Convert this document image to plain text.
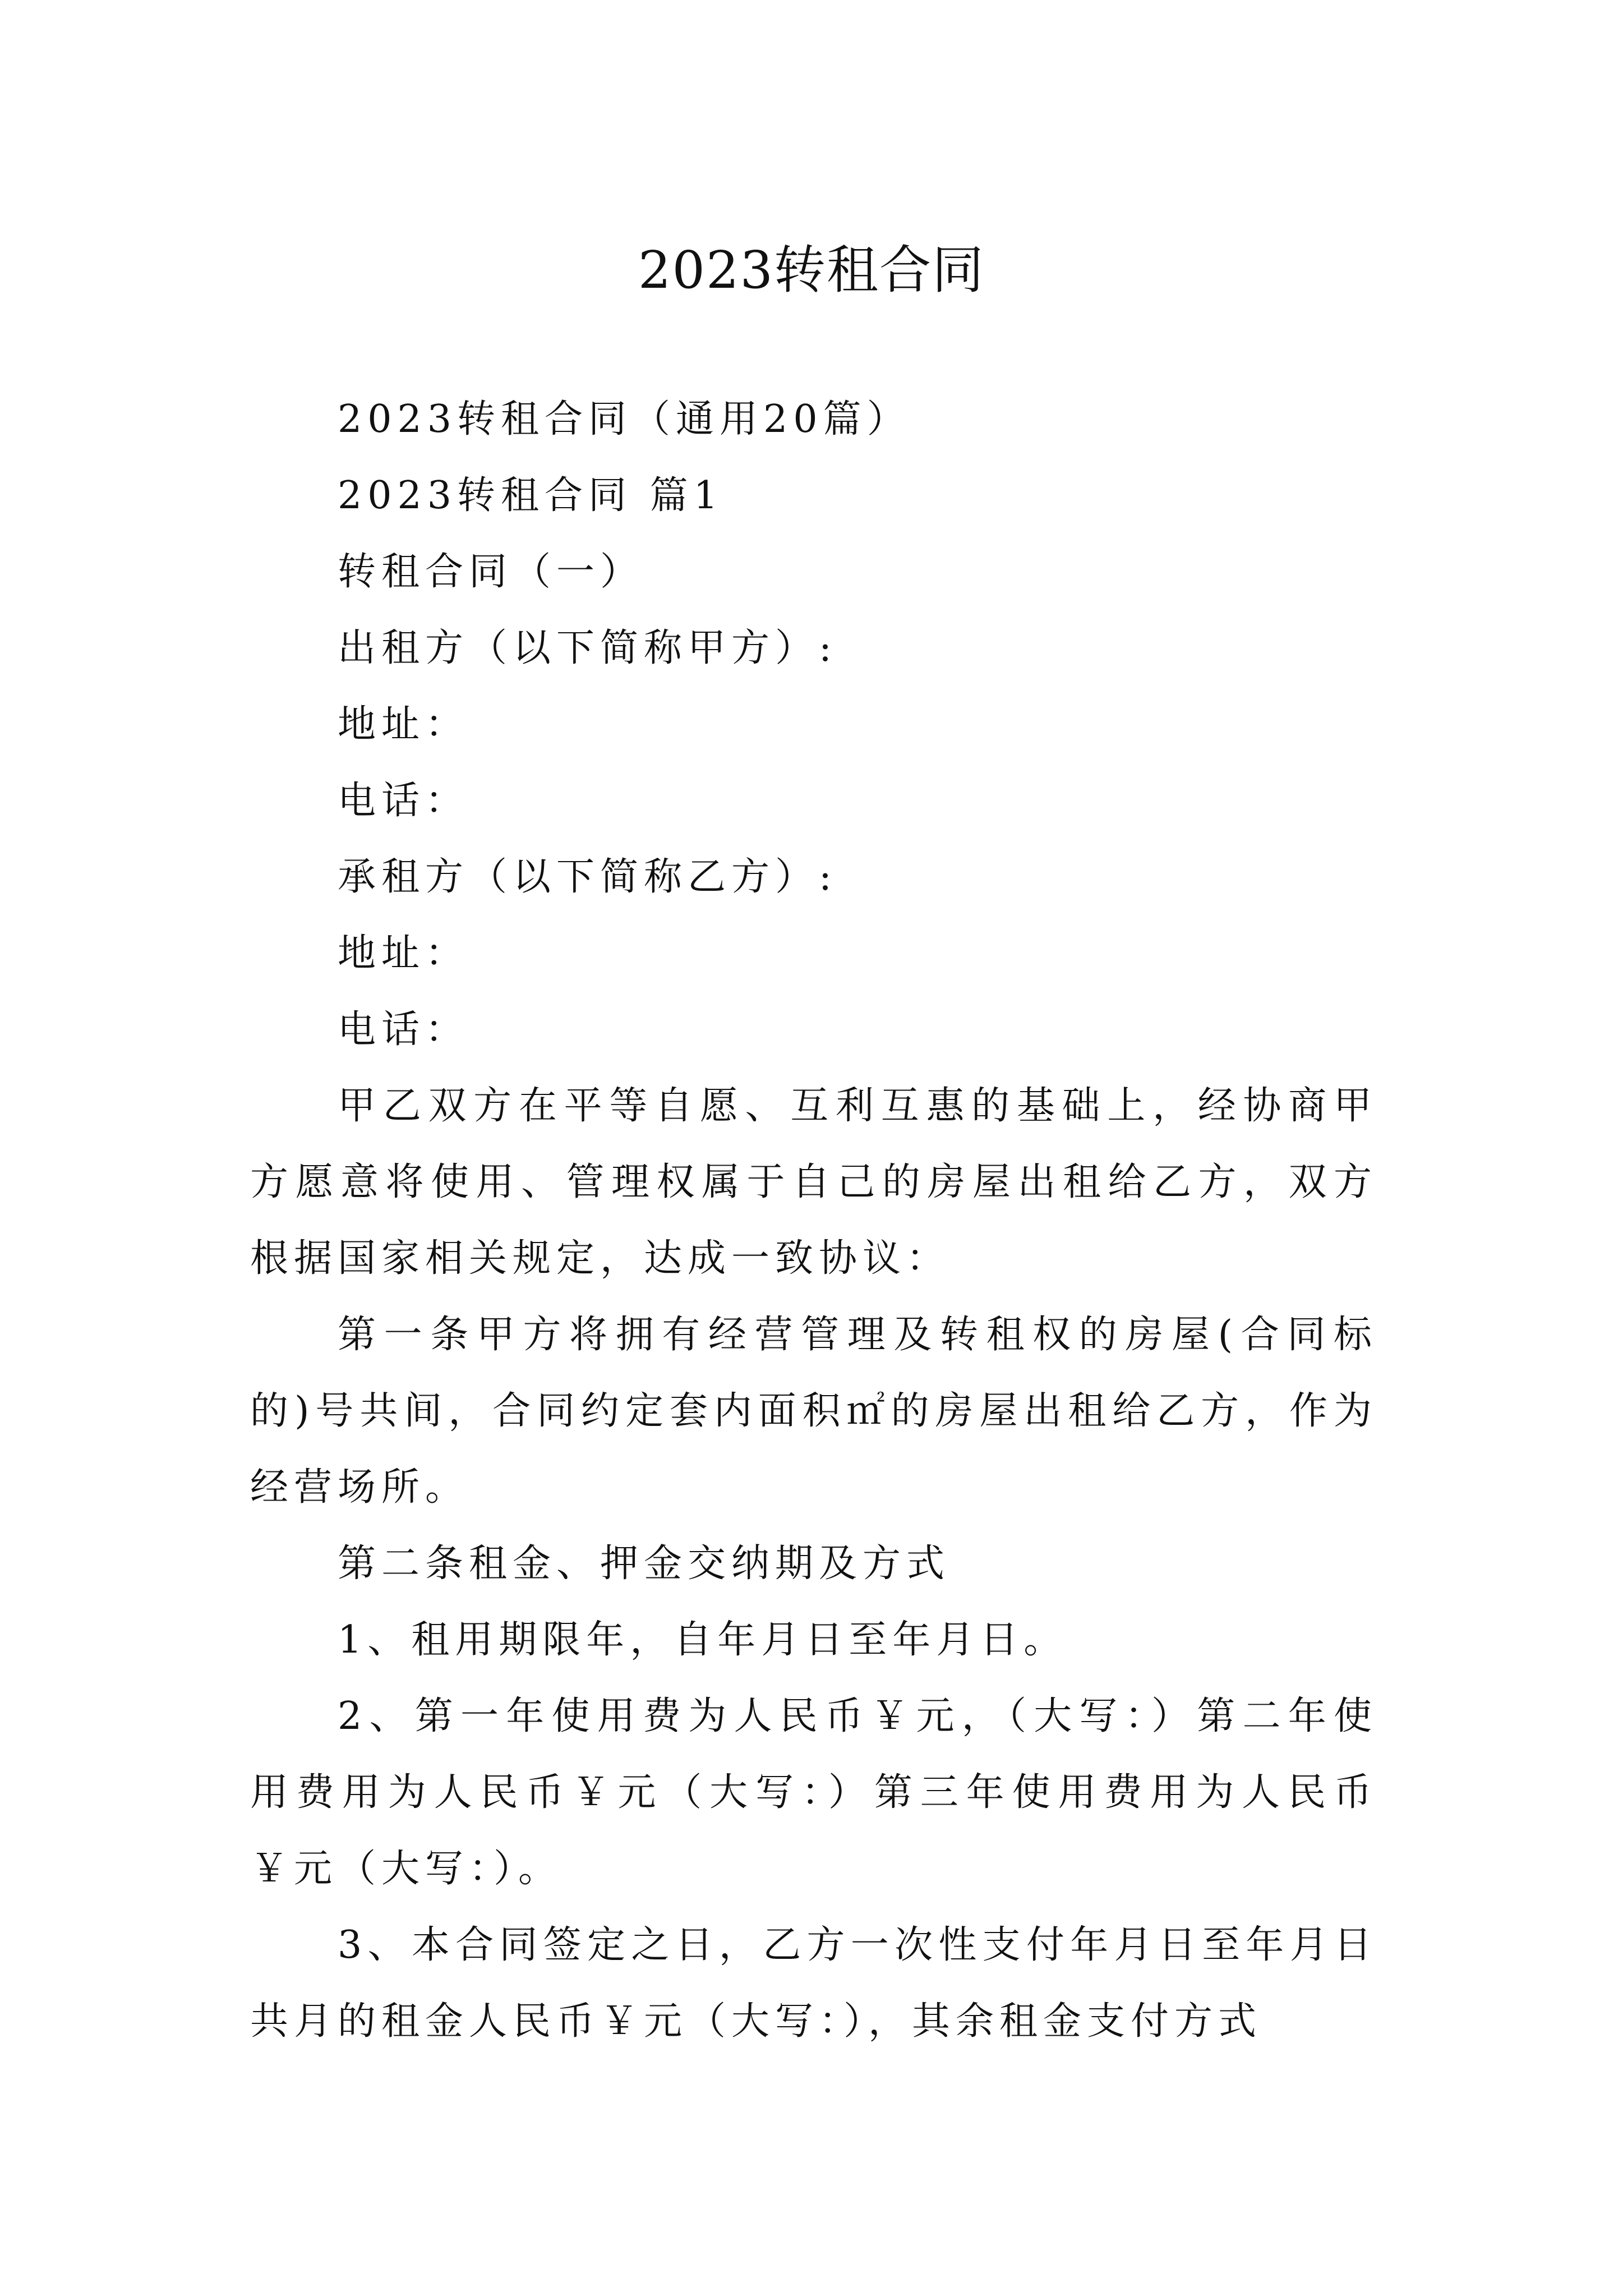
2023转租合同

2023转租合同（通用20篇）

2023转租合同 篇1

转租合同（一）

出租方（以下简称甲方）:

地址：

电话：

承租方（以下简称乙方）:

地址：

电话：

甲乙双方在平等自愿、互利互惠的基础上，经协商甲方愿意将使用、管理权属于自己的房屋出租给乙方，双方根据国家相关规定，达成一致协议：

第一条甲方将拥有经营管理及转租权的房屋(合同标的)号共间，合同约定套内面积㎡的房屋出租给乙方，作为经营场所。

第二条租金、押金交纳期及方式

1、租用期限年，自年月日至年月日。

2、第一年使用费为人民币￥元，（大写：）第二年使用费用为人民币￥元（大写：）第三年使用费用为人民币￥元（大写：）。

3、本合同签定之日，乙方一次性支付年月日至年月日共月的租金人民币￥元（大写：），其余租金支付方式
